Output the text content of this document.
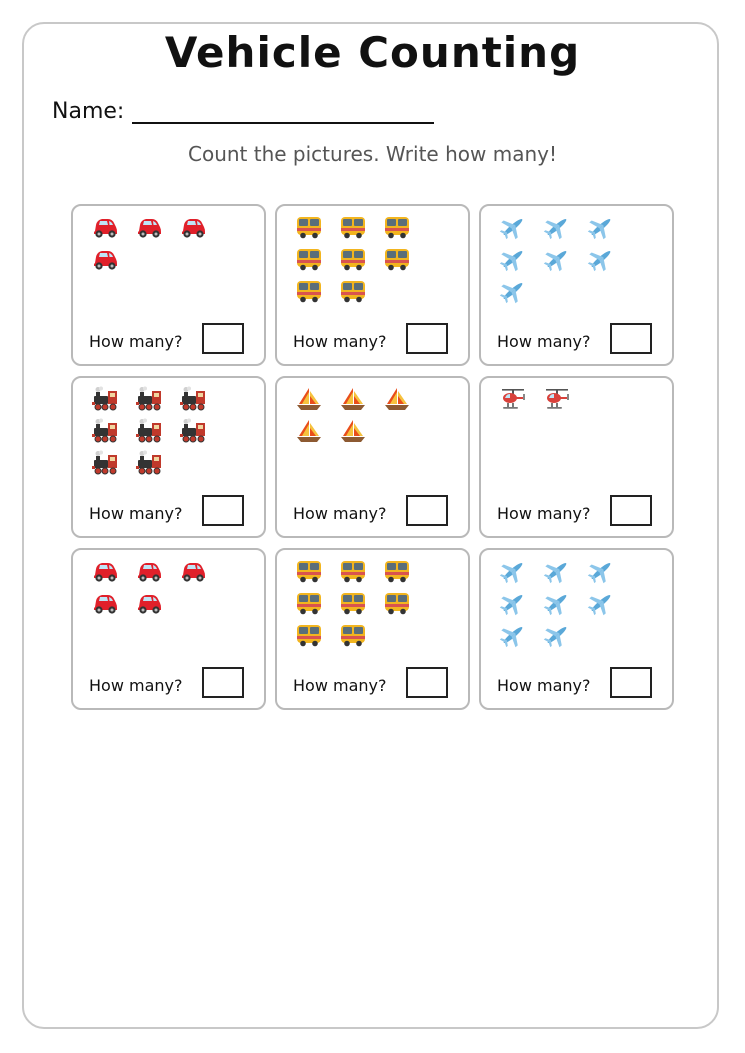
Vehicle Counting
Name:
Count the pictures. Write how many!
How many?	How many?	How many?
How many?	How many?	How many?
How many?	How many?	How many?
